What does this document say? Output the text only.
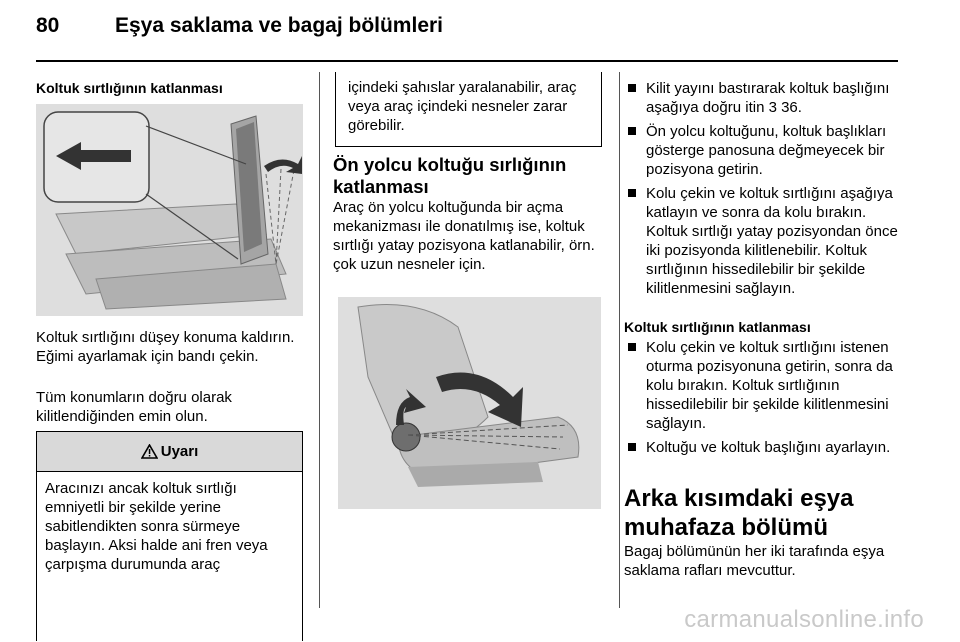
80	Eşya saklama ve bagaj bölümleri
Koltuk sırtlığının katlanması

Koltuk sırtlığını düşey konuma kaldırın. Eğimi ayarlamak için bandı çekin.

Tüm konumların doğru olarak kilitlendiğinden emin olun.

Uyarı

Aracınızı ancak koltuk sırtlığı emniyetli bir şekilde yerine sabitlendikten sonra sürmeye başlayın. Aksi halde ani fren veya çarpışma durumunda araç

içindeki şahıslar yaralanabilir, araç veya araç içindeki nesneler zarar görebilir.

Ön yolcu koltuğu sırlığının katlanması

Araç ön yolcu koltuğunda bir açma mekanizması ile donatılmış ise, koltuk sırtlığı yatay pozisyona katlanabilir, örn. çok uzun nesneler için.

Kilit yayını bastırarak koltuk başlığını aşağıya doğru itin 3 36.
Ön yolcu koltuğunu, koltuk başlıkları gösterge panosuna değmeyecek bir pozisyona getirin.
Kolu çekin ve koltuk sırtlığını aşağıya katlayın ve sonra da kolu bırakın. Koltuk sırtlığı yatay pozisyondan önce iki pozisyonda kilitlenebilir. Koltuk sırtlığının hissedilebilir bir şekilde kilitlenmesini sağlayın.
Koltuk sırtlığının katlanması
Kolu çekin ve koltuk sırtlığını istenen oturma pozisyonuna getirin, sonra da kolu bırakın. Koltuk sırtlığının hissedilebilir bir şekilde kilitlenmesini sağlayın.
Koltuğu ve koltuk başlığını ayarlayın.
Arka kısımdaki eşya muhafaza bölümü

Bagaj bölümünün her iki tarafında eşya saklama rafları mevcuttur.

carmanualsonline.info
